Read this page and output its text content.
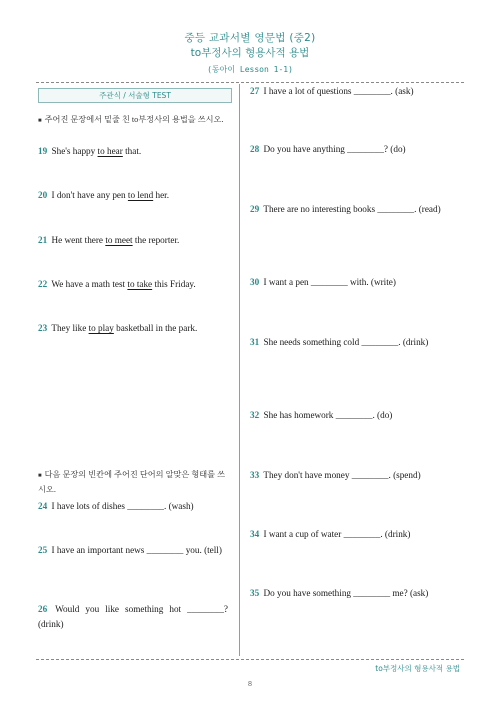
중등 교과서별 영문법 (중2)
to부정사의 형용사적 용법
(동아이 Lesson 1-1)
주관식 / 서술형 TEST
■ 주어진 문장에서 밑줄 친 to부정사의 용법을 쓰시오.
19 She's happy to hear that.
20 I don't have any pen to lend her.
21 He went there to meet the reporter.
22 We have a math test to take this Friday.
23 They like to play basketball in the park.
■ 다음 문장의 빈칸에 주어진 단어의 알맞은 형태를 쓰시오.
24 I have lots of dishes ________. (wash)
25 I have an important news ________ you. (tell)
26 Would you like something hot ________? (drink)
27 I have a lot of questions ________. (ask)
28 Do you have anything ________? (do)
29 There are no interesting books ________. (read)
30 I want a pen ________ with. (write)
31 She needs something cold ________. (drink)
32 She has homework ________. (do)
33 They don't have money ________. (spend)
34 I want a cup of water ________. (drink)
35 Do you have something ________ me? (ask)
to부정사의 형용사적 용법
8
